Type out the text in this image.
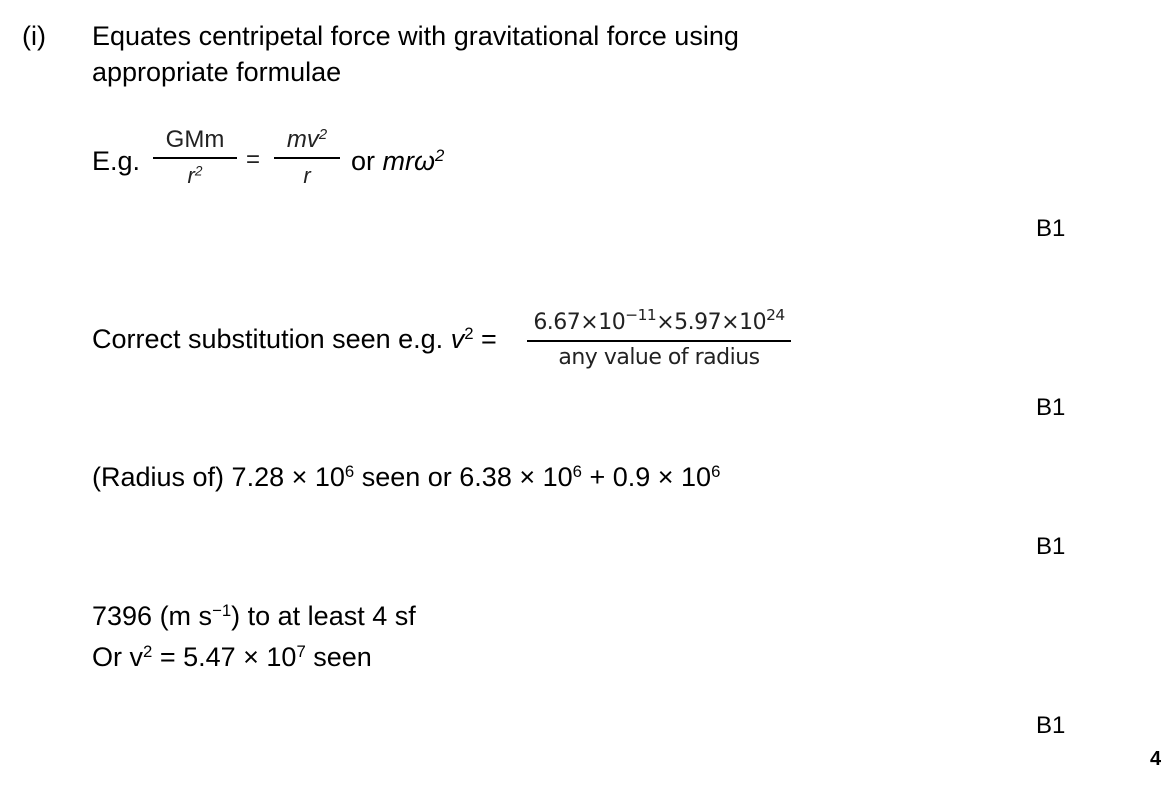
(i) Equates centripetal force with gravitational force using
appropriate formulae
E.g.
GMm
$r^2$ =
$mv^2$
r or mrω$^2$
B1
Correct substitution seen e.g. $v^2$ =
$6.67\times 10^{-11}\times 5.97\times 10^{24}$
any value of radius
B1
(Radius of) $7.28 \times 10^6$ seen or $6.38 \times 10^6 + 0.9 \times 10^6$
B1
7396 (m $s^{-1}$) to at least 4 sf
Or $v^2 = 5.47 \times 10^7$ seen
B1
4
